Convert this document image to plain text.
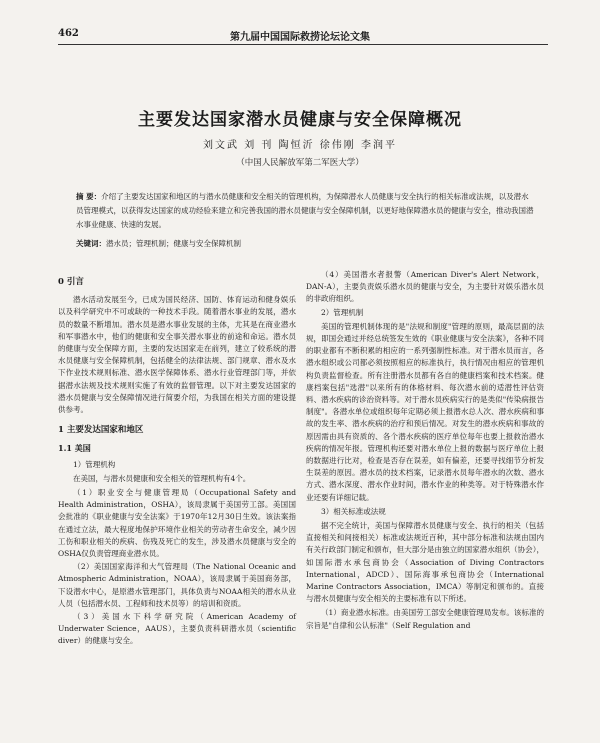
462	第九届中国国际救捞论坛论文集
主要发达国家潜水员健康与安全保障概况
刘文武 刘 刊 陶恒沂 徐伟刚 李润平
（中国人民解放军第二军医大学）
摘 要：介绍了主要发达国家和地区的与潜水员健康和安全相关的管理机构，为保障潜水人员健康与安全执行的相关标准或法规，以及潜水员管理模式，以获得发达国家的成功经验来建立和完善我国的潜水员健康与安全保障机制，以更好地保障潜水员的健康与安全，推动我国潜水事业健康、快速的发展。
关键词：潜水员；管理机制；健康与安全保障机制
0 引言

潜水活动发展至今，已成为国民经济、国防、体育运动和健身娱乐以及科学研究中不可或缺的一种技术手段。随着潜水事业的发展，潜水员的数量不断增加。潜水员是潜水事业发展的主体，尤其是在商业潜水和军事潜水中，他们的健康和安全事关潜水事业的前途和命运。潜水员的健康与安全保障方面，主要的发达国家走在前列，建立了较系统的潜水员健康与安全保障机制，包括健全的法律法规、部门规章、潜水及水下作业技术规则标准、潜水医学保障体系、潜水行业管理部门等，并依据潜水法规及技术规则实施了有效的监督管理。以下对主要发达国家的潜水员健康与安全保障情况进行简要介绍，为我国在相关方面的建设提供参考。

1 主要发达国家和地区
1.1 美国

1）管理机构

在美国，与潜水员健康和安全相关的管理机构有4个。

（1）职业安全与健康管理局（Occupational Safety and Health Administration，OSHA），该局隶属于美国劳工部。美国国会批准的《职业健康与安全法案》于1970年12月30日生效。该法案指在通过立法，最大程度地保护环境作业相关的劳动者生命安全，减少因工伤和职业相关的疾病、伤残及死亡的发生，涉及潜水员健康与安全的OSHA仅负责管理商业潜水员。

（2）美国国家海洋和大气管理局（The National Oceanic and Atmospheric Administration，NOAA），该局隶属于美国商务部，下设潜水中心，是原潜水管理部门，具体负责与NOAA相关的潜水从业人员（包括潜水员、工程师和技术员等）的培训和资质。

（3）美国水下科学研究院（American Academy of Underwater Science，AAUS），主要负责科研潜水员（scientific diver）的健康与安全。

（4）美国潜水者报警（American Diver's Alert Network，DAN-A），主要负责娱乐潜水员的健康与安全，为主要针对娱乐潜水员的非政府组织。

2）管理机制

美国的管理机制体现的是"法规和制度"管理的原则，最高层面的法规，即国会通过并经总统签发生效的《职业健康与安全法案》，各种不同的职业都有不断积累的相应的一系列强制性标准。对于潜水员而言，各潜水组织或公司都必须按照相应的标准执行，执行情况由相应的管理机构负责监督检查。所有注册潜水员都有各自的健康档案和技术档案。健康档案包括"选潜"以来所有的体格材料、每次潜水前的适潜性评估资料、潜水疾病的诊治资料等。对于潜水员疾病实行的是类似"传染病报告制度"。各潜水单位或组织每年定期必须上报潜水总人次、潜水疾病和事故的发生率、潜水疾病的治疗和预后情况。对发生的潜水疾病和事故的原因需由具有资质的、各个潜水疾病的医疗单位每年也要上报救治潜水疾病的情况年报。管理机构还要对潜水单位上报的数据与医疗单位上报的数据进行比对，检查是否存在误差，如有偏差，还要寻找细节分析发生误差的原因。潜水员的技术档案，记录潜水员每年潜水的次数、潜水方式、潜水深度、潜水作业时间，潜水作业的种类等。对于特殊潜水作业还要有详细记载。

3）相关标准或法规

据不完全统计，美国与保障潜水员健康与安全、执行的相关（包括直接相关和间接相关）标准或法规近百种，其中部分标准和法规由国内有关行政部门制定和颁布，但大部分是由独立的国家潜水组织（协会），如国际潜水承包商协会（Association of Diving Contractors International，ADCD）、国际海事承包商协会（International Marine Contractors Association，IMCA）等制定和颁布的。直接与潜水员健康与安全相关的主要标准有以下所述。

（1）商业潜水标准。由美国劳工部安全健康管理局发布。该标准的宗旨是"自律和公认标准"（Self Regulation and
